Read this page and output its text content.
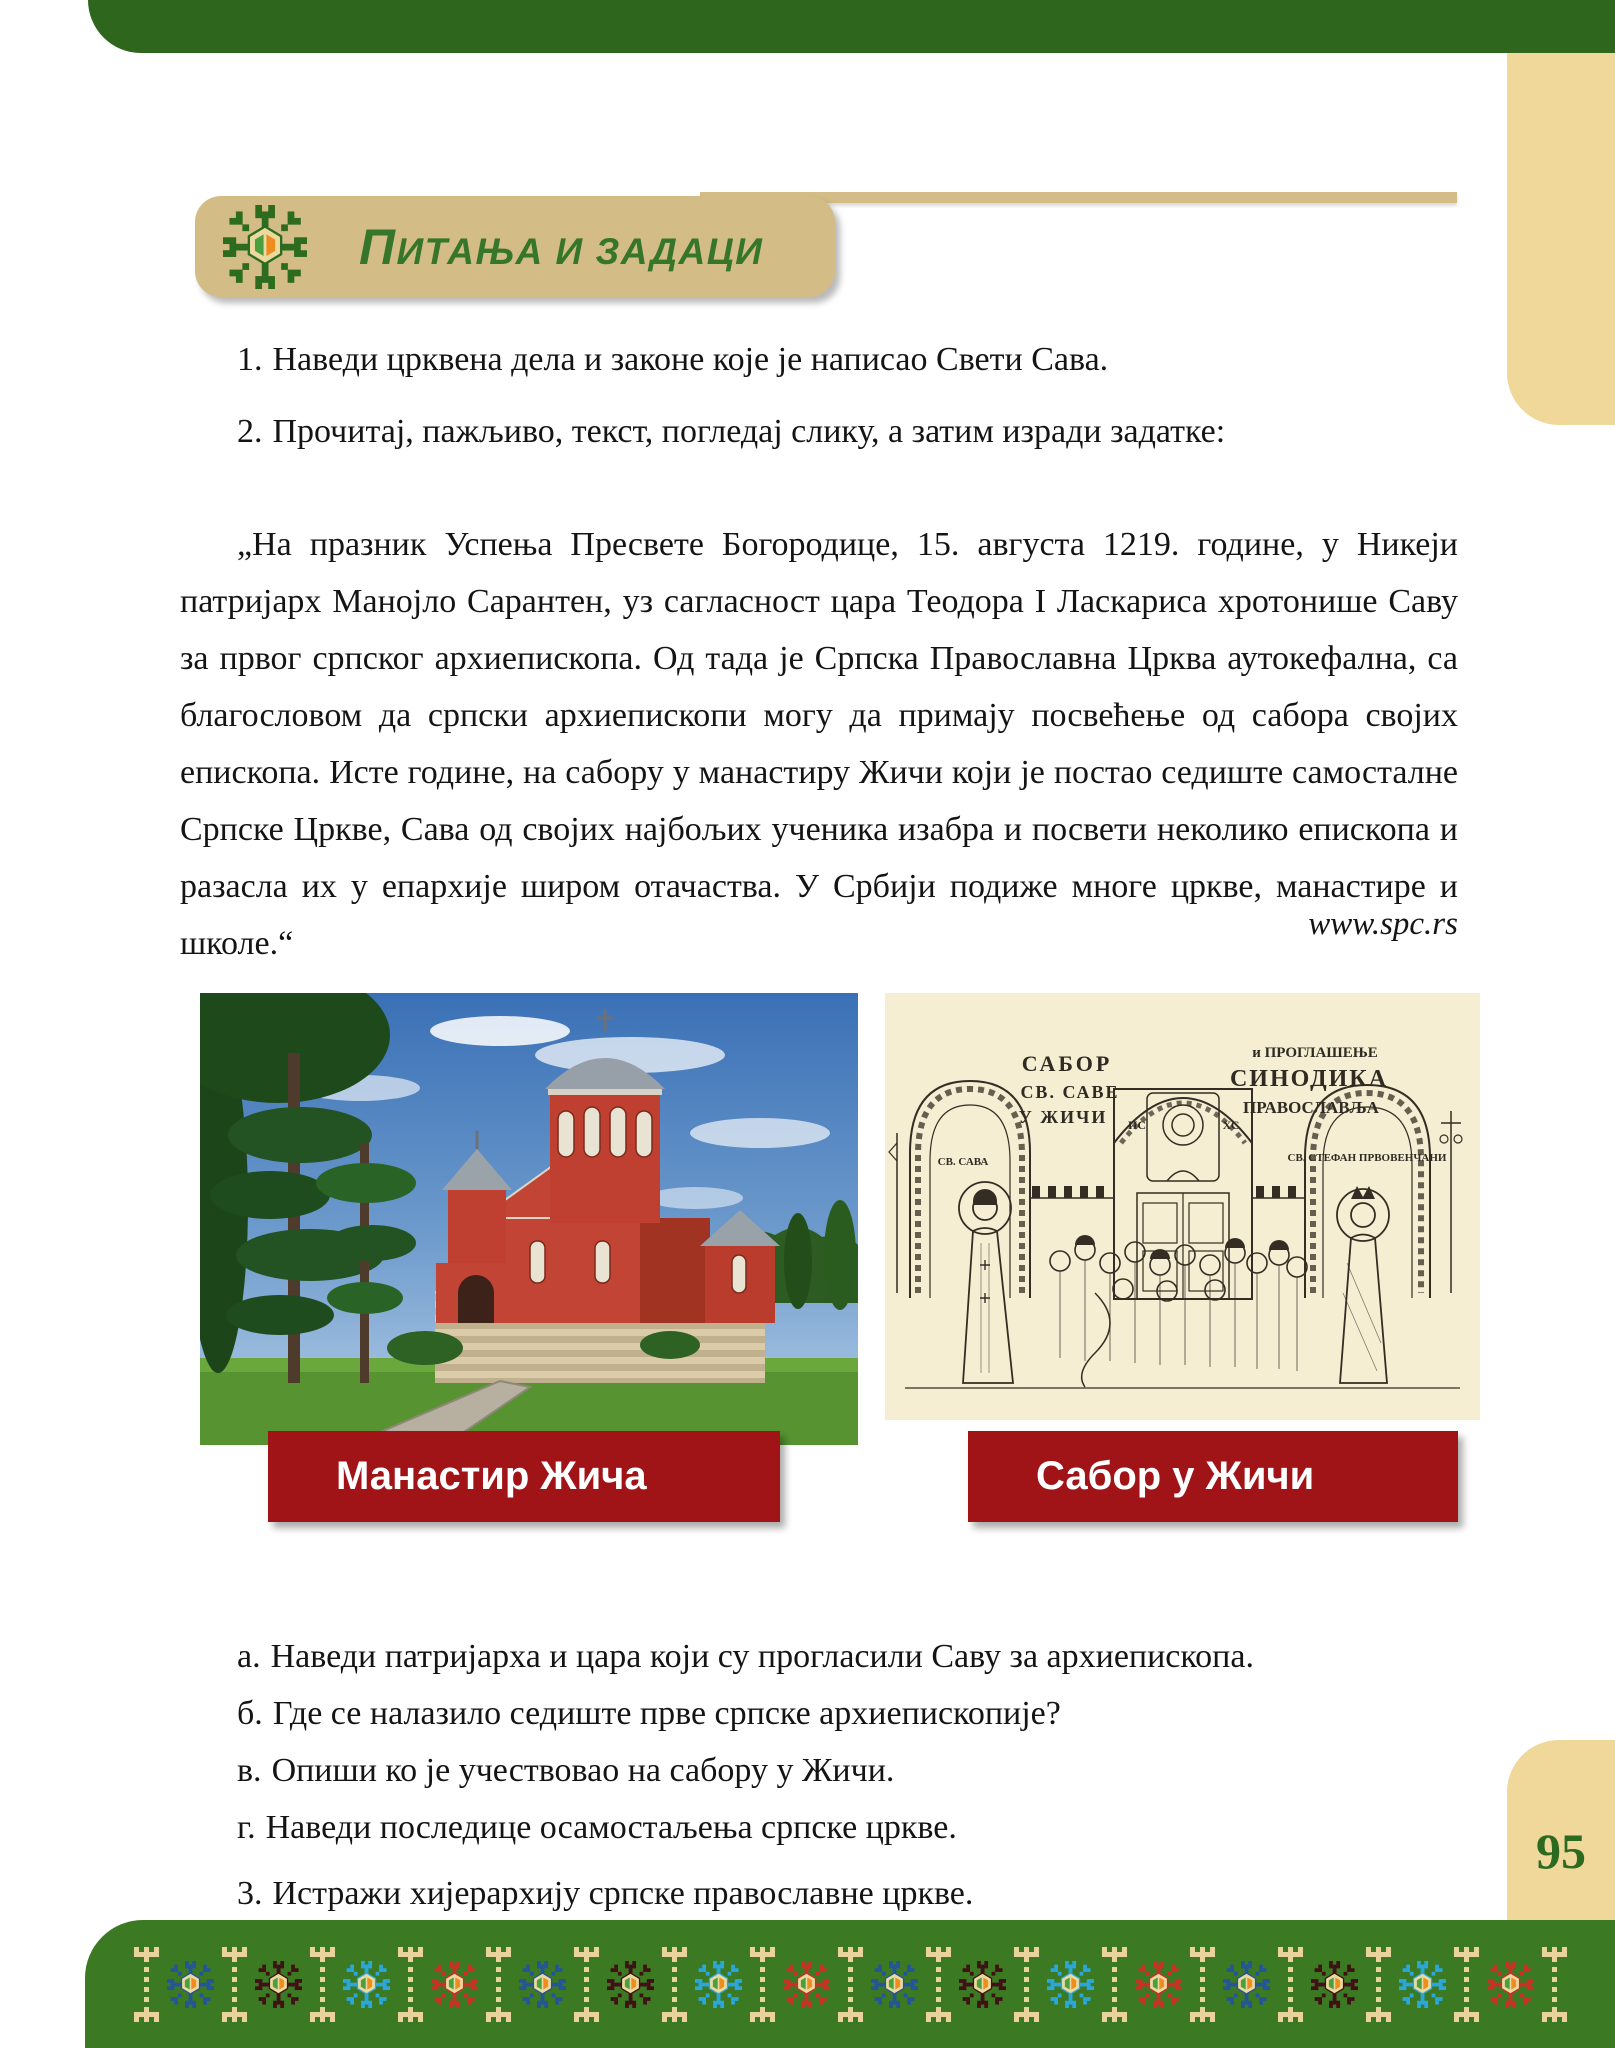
ПИТАЊА И ЗАДАЦИ
1. Наведи црквена дела и законе које је написао Свети Сава.
2. Прочитај, пажљиво, текст, погледај слику, а затим изради задатке:

„На празник Успења Пресвете Богородице, 15. августа 1219. године, у Никеји патријарх Манојло Сарантен, уз сагласност цара Теодора I Ласкариса хротонише Саву за првог српског архиепископа. Од тада је Српска Православна Црква аутокефална, са благословом да српски архиепископи могу да примају посвећење од сабора својих епископа. Исте године, на сабору у манастиру Жичи који је постао седиште самосталне Српске Цркве, Сава од својих најбољих ученика изабра и посвети неколико епископа и разасла их у епархије широм отачаства. У Србији подиже многе цркве, манастире и школе.“

www.spc.rs
САБОР
СВ. САВЕ
У ЖИЧИ
и ПРОГЛАШЕЊЕ
СИНОДИКА
ПРАВОСЛАВЉА
СВ. САВА	СВ. СТЕФАН ПРВОВЕНЧАНИ
ИС	ХС
Манастир Жича	Сабор у Жичи
а. Наведи патријарха и цара који су прогласили Саву за архиепископа.
б. Где се налазило седиште прве српске архиепископије?
в. Опиши ко је учествовао на сабору у Жичи.
г. Наведи последице осамостаљења српске цркве.
3. Истражи хијерархију српске православне цркве.
95
